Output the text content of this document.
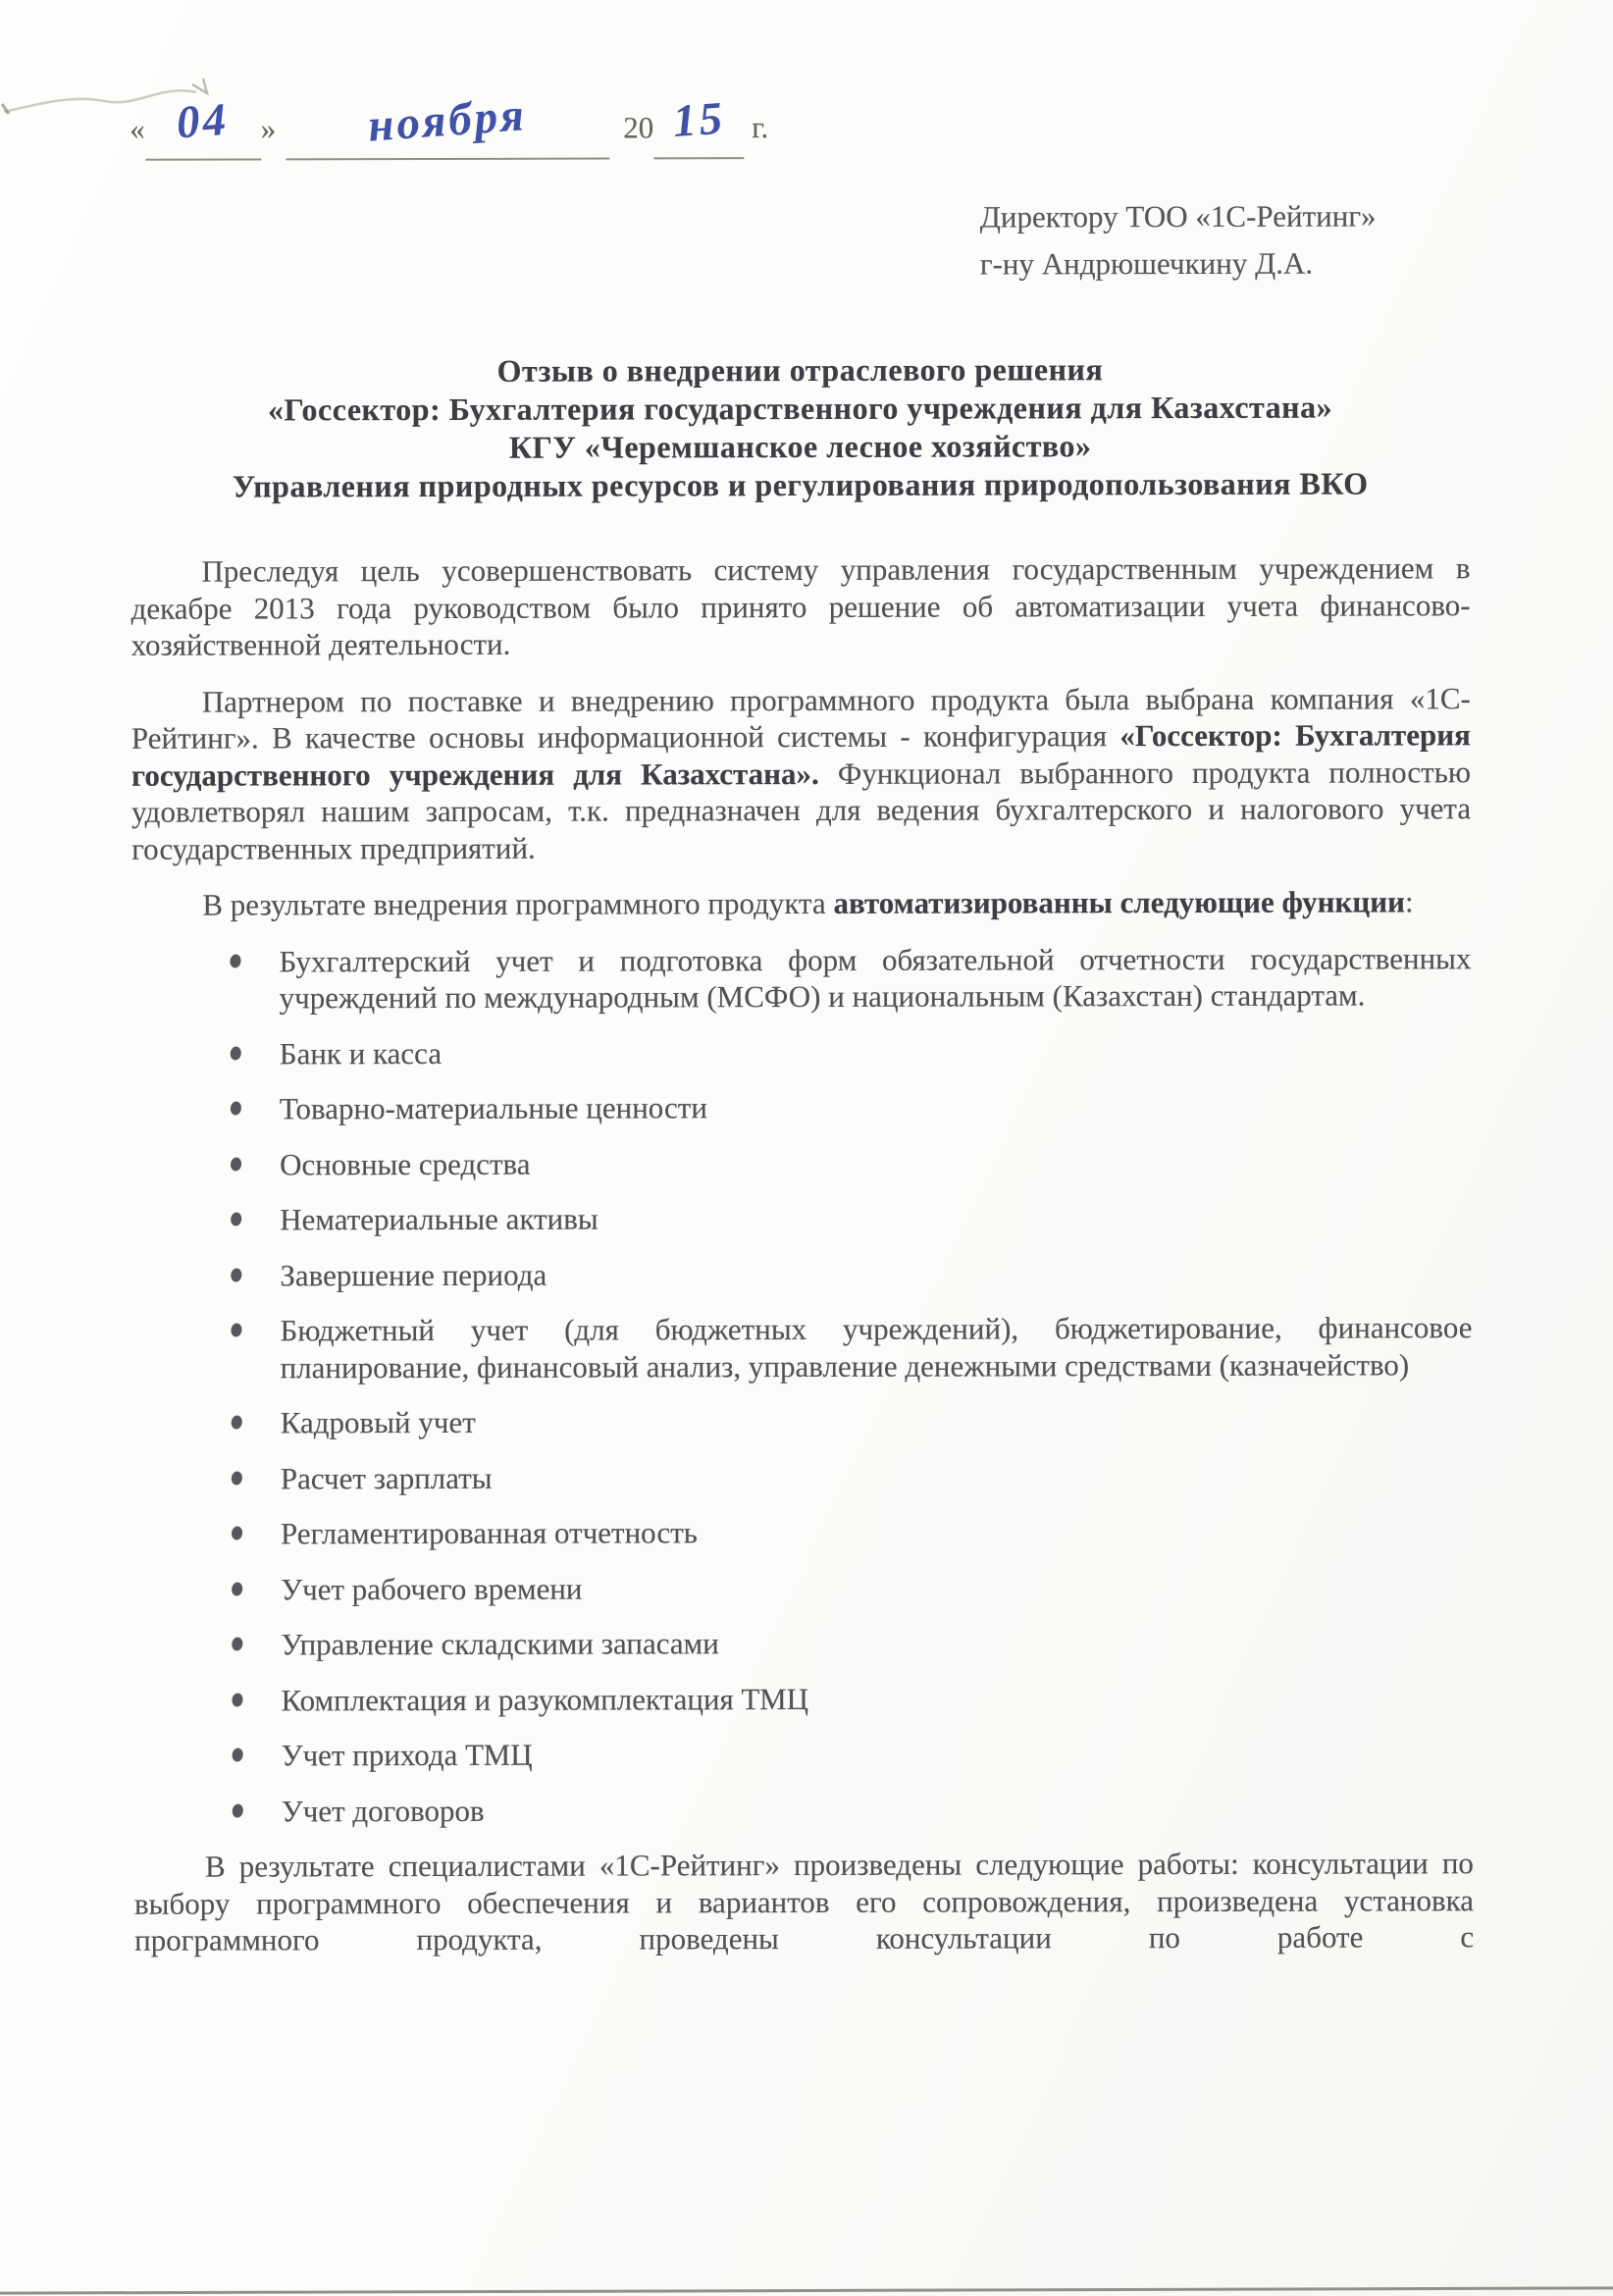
« 04 » ноября	20 15 г.
Директору ТОО «1С-Рейтинг»
г-ну Андрюшечкину Д.А.
Отзыв о внедрении отраслевого решения
«Госсектор: Бухгалтерия государственного учреждения для Казахстана»
КГУ «Черемшанское лесное хозяйство»
Управления природных ресурсов и регулирования природопользования ВКО

Преследуя цель усовершенствовать систему управления государственным учреждением в декабре 2013 года руководством было принято решение об автоматизации учета финансово-хозяйственной деятельности.

Партнером по поставке и внедрению программного продукта была выбрана компания «1С-Рейтинг». В качестве основы информационной системы - конфигурация «Госсектор: Бухгалтерия государственного учреждения для Казахстана». Функционал выбранного продукта полностью удовлетворял нашим запросам, т.к. предназначен для ведения бухгалтерского и налогового учета государственных предприятий.

В результате внедрения программного продукта автоматизированны следующие функции:

Бухгалтерский учет и подготовка форм обязательной отчетности государственных учреждений по международным (МСФО) и национальным (Казахстан) стандартам.
Банк и касса
Товарно-материальные ценности
Основные средства
Нематериальные активы
Завершение периода
Бюджетный учет (для бюджетных учреждений), бюджетирование, финансовое планирование, финансовый анализ, управление денежными средствами (казначейство)
Кадровый учет
Расчет зарплаты
Регламентированная отчетность
Учет рабочего времени
Управление складскими запасами
Комплектация и разукомплектация ТМЦ
Учет прихода ТМЦ
Учет договоров

В результате специалистами «1С-Рейтинг» произведены следующие работы: консультации по выбору программного обеспечения и вариантов его сопровождения, произведена установка программного продукта, проведены консультации по работе с
